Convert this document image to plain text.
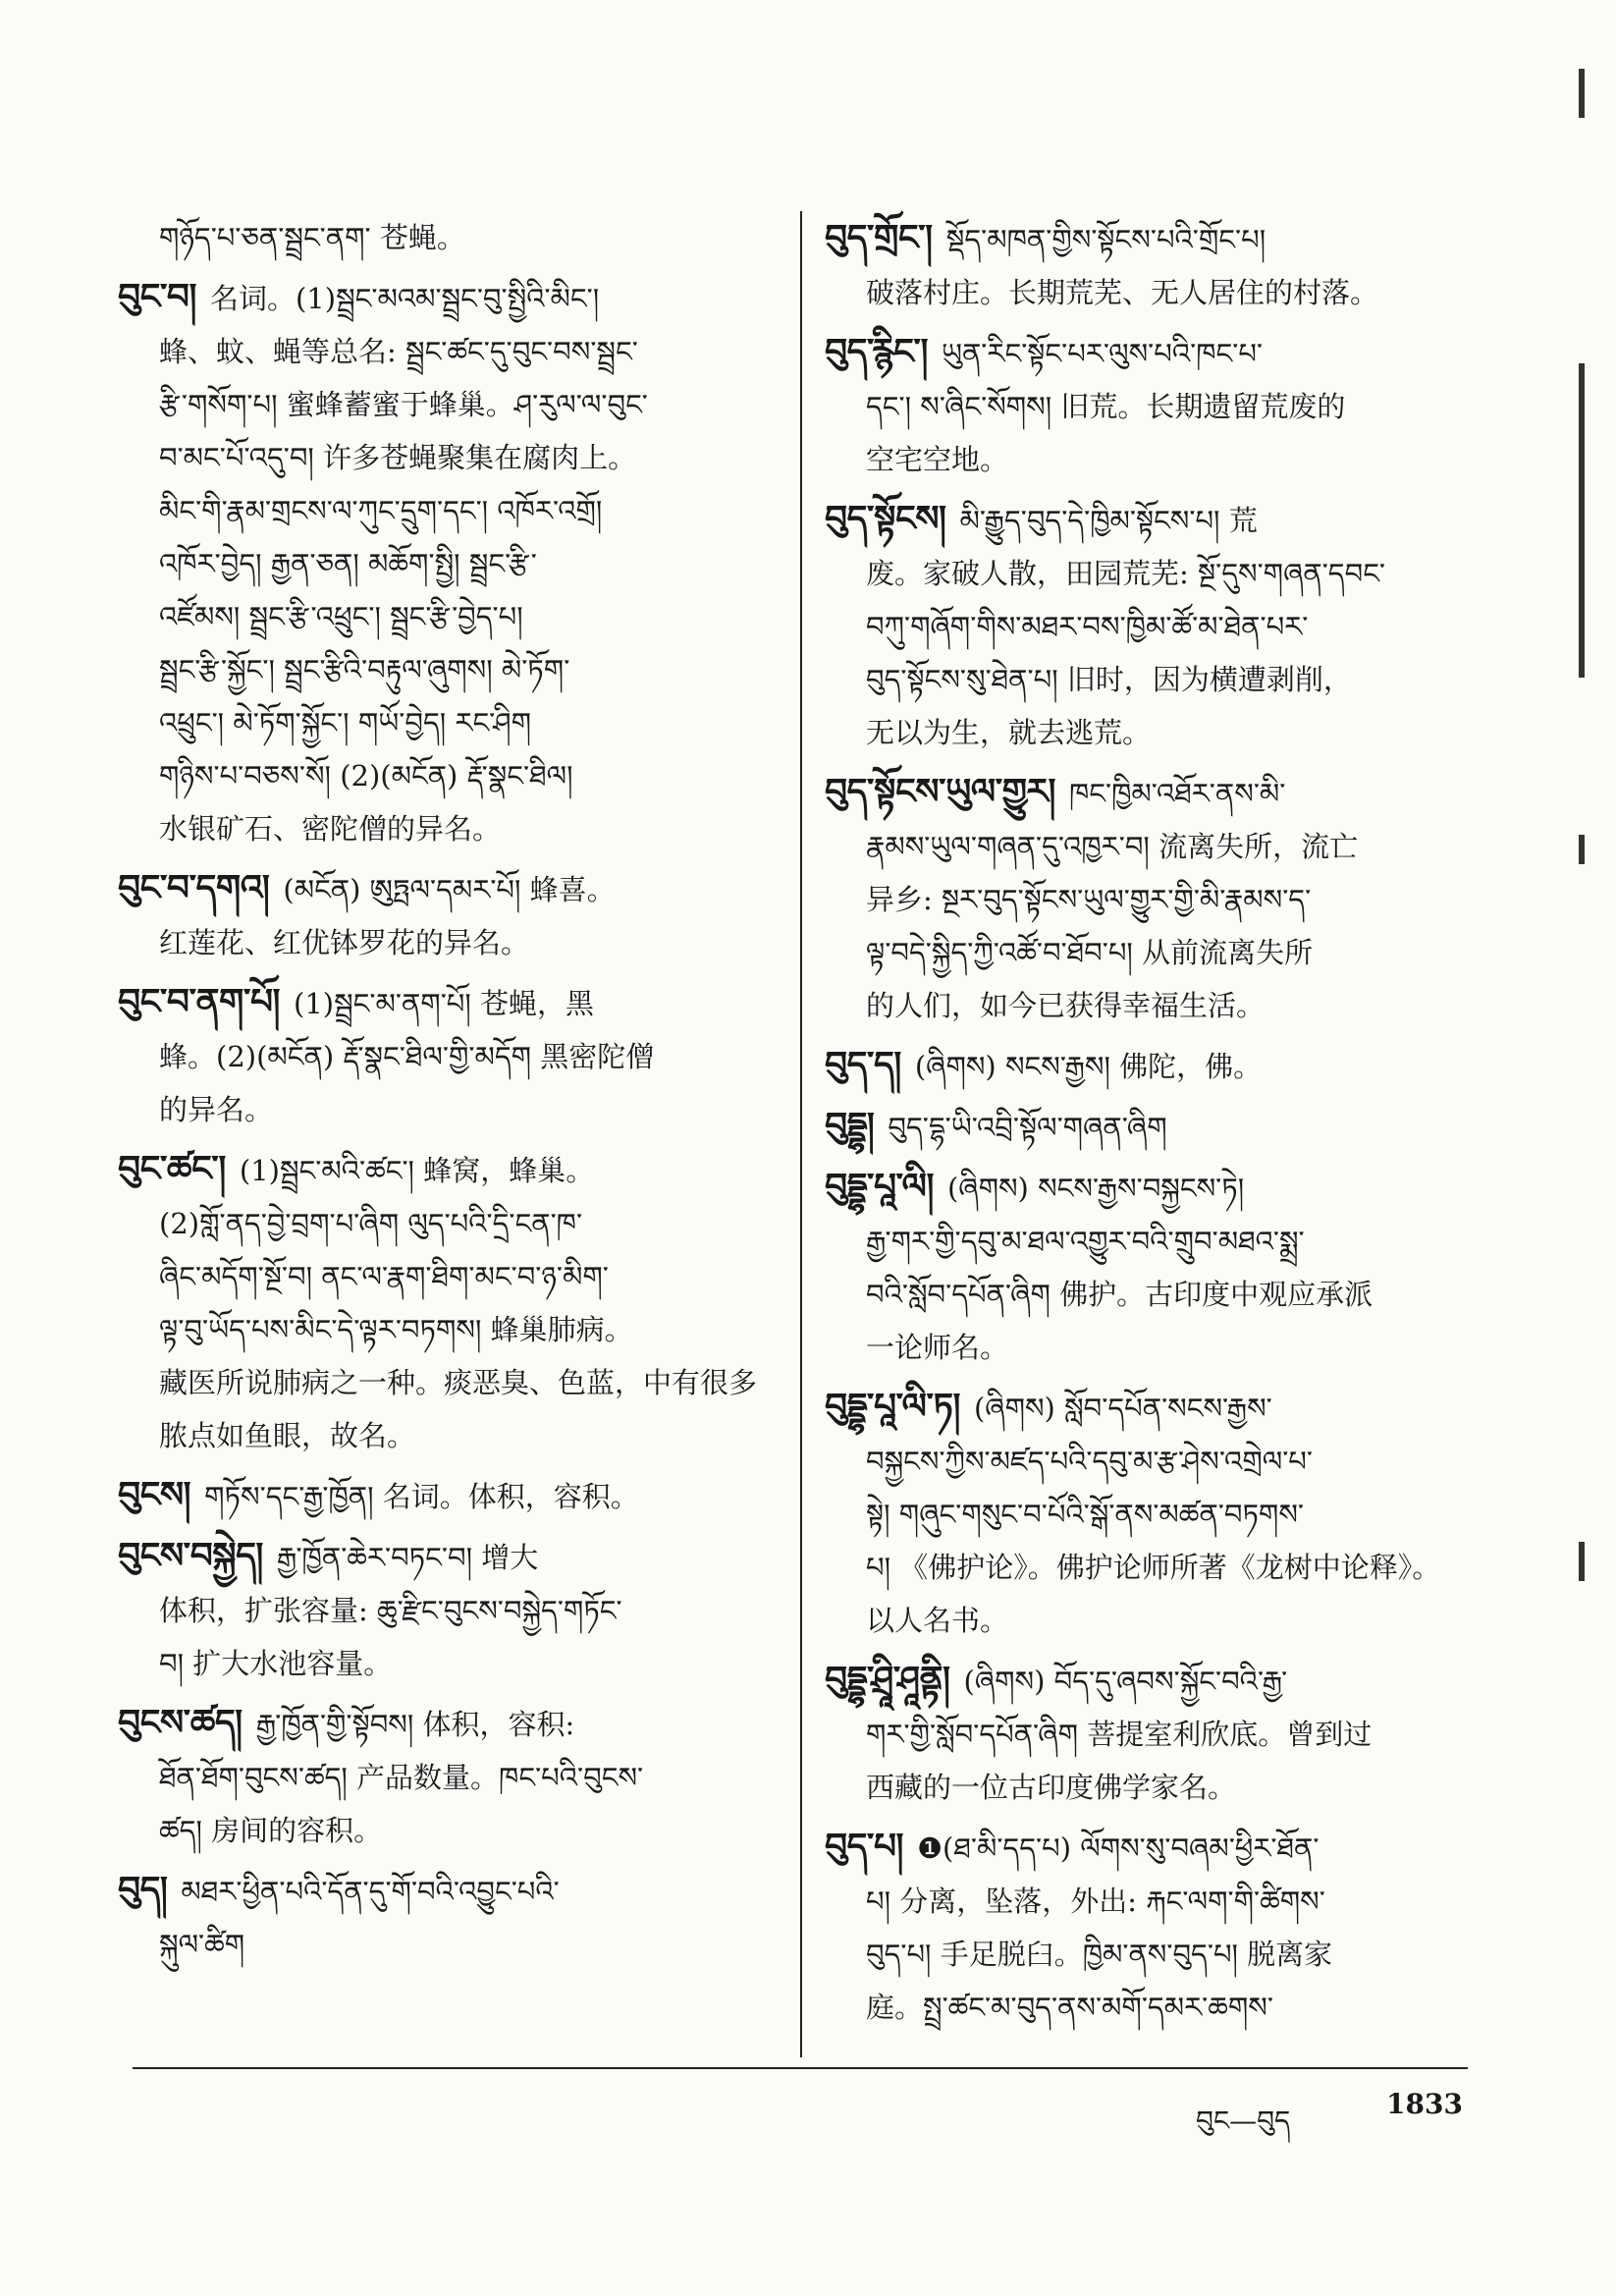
གཉོད་པ་ཅན་སྦྲང་ནག་ 苍蝇。
བུང་བ། 名词。(1)སྦྲང་མའམ་སྦྲང་བུ་སྤྱིའི་མིང་།
蜂、蚊、蝇等总名: སྦྲང་ཚང་དུ་བུང་བས་སྦྲང་
རྩི་གསོག་པ། 蜜蜂蓄蜜于蜂巢。ཤ་རུལ་ལ་བུང་
བ་མང་པོ་འདུ་བ། 许多苍蝇聚集在腐肉上。
མིང་གི་རྣམ་གྲངས་ལ་ཀུང་དྲུག་དང་། འཁོར་འགྲོ།
འཁོར་བྱེད། རྒྱན་ཅན། མཆོག་སྤྱི། སྦྲང་རྩི་
འཛོམས། སྦྲང་རྩི་འཕྲུང་། སྦྲང་རྩི་བྱེད་པ།
སྦྲང་རྩི་སྐྱོང་། སྦྲང་རྩིའི་བརྟུལ་ཞུགས། མེ་ཏོག་
འཕྲུང་། མེ་ཏོག་སྐྱོང་། གཡོ་བྱེད། རང་ཤིག
གཉིས་པ་བཅས་སོ། (2)(མངོན) རྡོ་སྣང་ཐིལ།
水银矿石、密陀僧的异名。
བུང་བ་དགའ། (མངོན) ཨུཏྤལ་དམར་པོ། 蜂喜。
红莲花、红优钵罗花的异名。
བུང་བ་ནག་པོ། (1)སྦྲང་མ་ནག་པོ། 苍蝇，黑
蜂。(2)(མངོན) རྡོ་སྣང་ཐིལ་གྱི་མདོག 黑密陀僧
的异名。
བུང་ཚང་། (1)སྦྲང་མའི་ཚང་། 蜂窝，蜂巢。
(2)གློ་ནད་བྱེ་བྲག་པ་ཞིག ལུད་པའི་དྲི་ངན་ཁ་
ཞིང་མདོག་སྔོ་བ། ནང་ལ་རྣག་ཐིག་མང་བ་ཉ་མིག་
ལྟ་བུ་ཡོད་པས་མིང་དེ་ལྟར་བཏགས། 蜂巢肺病。
藏医所说肺病之一种。痰恶臭、色蓝，中有很多
脓点如鱼眼，故名。
བུངས། གཏོས་དང་རྒྱ་ཁྱོན། 名词。体积，容积。
བུངས་བསྐྱེད། རྒྱ་ཁྱོན་ཆེར་བཏང་བ། 增大
体积，扩张容量: ཆུ་རྫིང་བུངས་བསྐྱེད་གཏོང་
བ། 扩大水池容量。
བུངས་ཚད། རྒྱ་ཁྱོན་གྱི་སྟོབས། 体积，容积:
ཐོན་ཐོག་བུངས་ཚད། 产品数量。ཁང་པའི་བུངས་
ཚད། 房间的容积。
བུད། མཐར་ཕྱིན་པའི་དོན་དུ་གོ་བའི་འབྱུང་པའི་
སྐུལ་ཚིག
བུད་གྲོང་། སྡོད་མཁན་གྱིས་སྟོངས་པའི་གྲོང་པ།
破落村庄。长期荒芜、无人居住的村落。
བུད་རྙིང་། ཡུན་རིང་སྟོང་པར་ལུས་པའི་ཁང་པ་
དང་། ས་ཞིང་སོགས། 旧荒。长期遗留荒废的
空宅空地。
བུད་སྟོངས། མི་རྒྱུད་བུད་དེ་ཁྱིམ་སྟོངས་པ། 荒
废。家破人散，田园荒芜: སྔོ་དུས་གཞན་དབང་
བཀུ་གཞོག་གིས་མཐར་བས་ཁྱིམ་ཚོ་མ་ཐེན་པར་
བུད་སྟོངས་སུ་ཐེན་པ། 旧时，因为横遭剥削，
无以为生，就去逃荒。
བུད་སྟོངས་ཡུལ་གྱུར། ཁང་ཁྱིམ་འཐོར་ནས་མི་
རྣམས་ཡུལ་གཞན་དུ་འཁྱར་བ། 流离失所，流亡
异乡: སྔར་བུད་སྟོངས་ཡུལ་གྱུར་གྱི་མི་རྣམས་ད་
ལྟ་བདེ་སྐྱིད་ཀྱི་འཚོ་བ་ཐོབ་པ། 从前流离失所
的人们，如今已获得幸福生活。
བུད་ད། (ཞིགས) སངས་རྒྱས། 佛陀，佛。
བུདྡྷ། བུད་དྷ་ཡི་འབྲི་སྟོལ་གཞན་ཞིག
བུདྡྷ་པཱ་ལི། (ཞིགས) སངས་རྒྱས་བསྐྱངས་ཏེ།
རྒྱ་གར་གྱི་དབུ་མ་ཐལ་འགྱུར་བའི་གྲུབ་མཐའ་སྨྲ་
བའི་སློབ་དཔོན་ཞིག 佛护。古印度中观应承派
一论师名。
བུདྡྷ་པཱ་ལི་ཏ། (ཞིགས) སློབ་དཔོན་སངས་རྒྱས་
བསྐྱངས་ཀྱིས་མཛད་པའི་དབུ་མ་རྩ་ཤེས་འགྲེལ་པ་
སྟེ། གཞུང་གསུང་བ་པོའི་སྒོ་ནས་མཚན་བཏགས་
པ། 《佛护论》。佛护论师所著《龙树中论释》。
以人名书。
བུདྡྷ་ཤྲཱི་ཤཱནྟི། (ཞིགས) བོད་དུ་ཞབས་སྐྱོང་བའི་རྒྱ་
གར་གྱི་སློབ་དཔོན་ཞིག 菩提室利欣底。曾到过
西藏的一位古印度佛学家名。
བུད་པ། ❶(ཐ་མི་དད་པ) ལོགས་སུ་བཞམ་ཕྱིར་ཐོན་
པ། 分离，坠落，外出: རྐང་ལག་གི་ཚིགས་
བུད་པ། 手足脱臼。ཁྱིམ་ནས་བུད་པ། 脱离家
庭。སྤྲ་ཚང་མ་བུད་ནས་མགོ་དམར་ཆགས་
བུང—བུད
1833
